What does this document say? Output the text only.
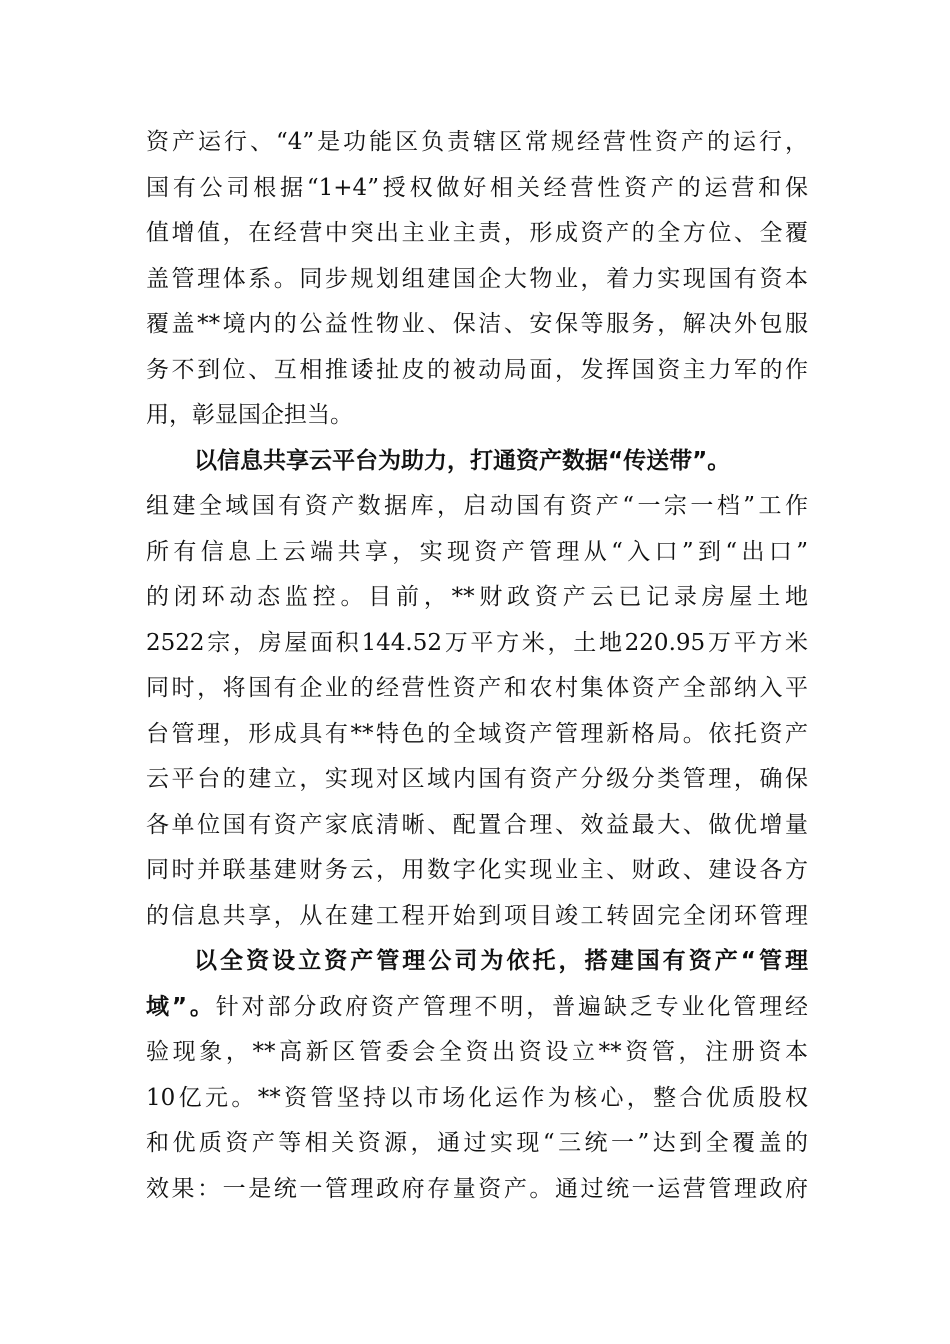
资产运行、“4”是功能区负责辖区常规经营性资产的运行，
国有公司根据“1+4”授权做好相关经营性资产的运营和保
值增值，在经营中突出主业主责，形成资产的全方位、全覆
盖管理体系。同步规划组建国企大物业，着力实现国有资本
覆盖**境内的公益性物业、保洁、安保等服务，解决外包服
务不到位、互相推诿扯皮的被动局面，发挥国资主力军的作
用，彰显国企担当。
以信息共享云平台为助力，打通资产数据“传送带”。
组建全域国有资产数据库，启动国有资产“一宗一档”工作
所有信息上云端共享，实现资产管理从“入口”到“出口”
的闭环动态监控。目前，**财政资产云已记录房屋土地
2522宗，房屋面积144.52万平方米，土地220.95万平方米
同时，将国有企业的经营性资产和农村集体资产全部纳入平
台管理，形成具有**特色的全域资产管理新格局。依托资产
云平台的建立，实现对区域内国有资产分级分类管理，确保
各单位国有资产家底清晰、配置合理、效益最大、做优增量
同时并联基建财务云，用数字化实现业主、财政、建设各方
的信息共享，从在建工程开始到项目竣工转固完全闭环管理
以全资设立资产管理公司为依托，搭建国有资产“管理
域”。针对部分政府资产管理不明，普遍缺乏专业化管理经
验现象，**高新区管委会全资出资设立**资管，注册资本
10亿元。**资管坚持以市场化运作为核心，整合优质股权
和优质资产等相关资源，通过实现“三统一”达到全覆盖的
效果：一是统一管理政府存量资产。通过统一运营管理政府
